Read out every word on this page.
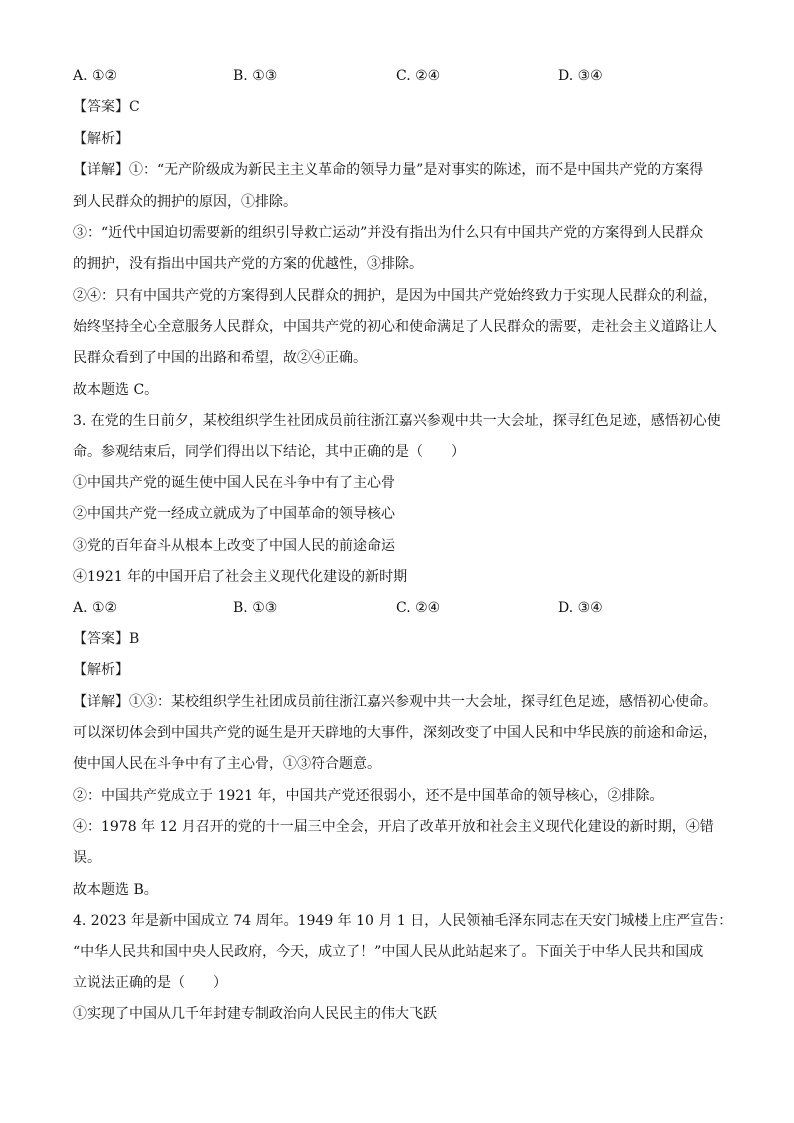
A. ①②	B. ①③	C. ②④	D. ③④
【答案】C
【解析】
【详解】①：“无产阶级成为新民主主义革命的领导力量”是对事实的陈述，而不是中国共产党的方案得
到人民群众的拥护的原因，①排除。
③：“近代中国迫切需要新的组织引导救亡运动”并没有指出为什么只有中国共产党的方案得到人民群众
的拥护，没有指出中国共产党的方案的优越性，③排除。
②④：只有中国共产党的方案得到人民群众的拥护，是因为中国共产党始终致力于实现人民群众的利益，
始终坚持全心全意服务人民群众，中国共产党的初心和使命满足了人民群众的需要，走社会主义道路让人
民群众看到了中国的出路和希望，故②④正确。
故本题选 C。
3. 在党的生日前夕，某校组织学生社团成员前往浙江嘉兴参观中共一大会址，探寻红色足迹，感悟初心使
命。参观结束后，同学们得出以下结论，其中正确的是（　　）
①中国共产党的诞生使中国人民在斗争中有了主心骨
②中国共产党一经成立就成为了中国革命的领导核心
③党的百年奋斗从根本上改变了中国人民的前途命运
④1921 年的中国开启了社会主义现代化建设的新时期
A. ①②	B. ①③	C. ②④	D. ③④
【答案】B
【解析】
【详解】①③：某校组织学生社团成员前往浙江嘉兴参观中共一大会址，探寻红色足迹，感悟初心使命。
可以深切体会到中国共产党的诞生是开天辟地的大事件，深刻改变了中国人民和中华民族的前途和命运，
使中国人民在斗争中有了主心骨，①③符合题意。
②：中国共产党成立于 1921 年，中国共产党还很弱小，还不是中国革命的领导核心，②排除。
④：1978 年 12 月召开的党的十一届三中全会，开启了改革开放和社会主义现代化建设的新时期，④错
误。
故本题选 B。
4. 2023 年是新中国成立 74 周年。1949 年 10 月 1 日，人民领袖毛泽东同志在天安门城楼上庄严宣告：
“中华人民共和国中央人民政府，今天，成立了！”中国人民从此站起来了。下面关于中华人民共和国成
立说法正确的是（　　）
①实现了中国从几千年封建专制政治向人民民主的伟大飞跃
